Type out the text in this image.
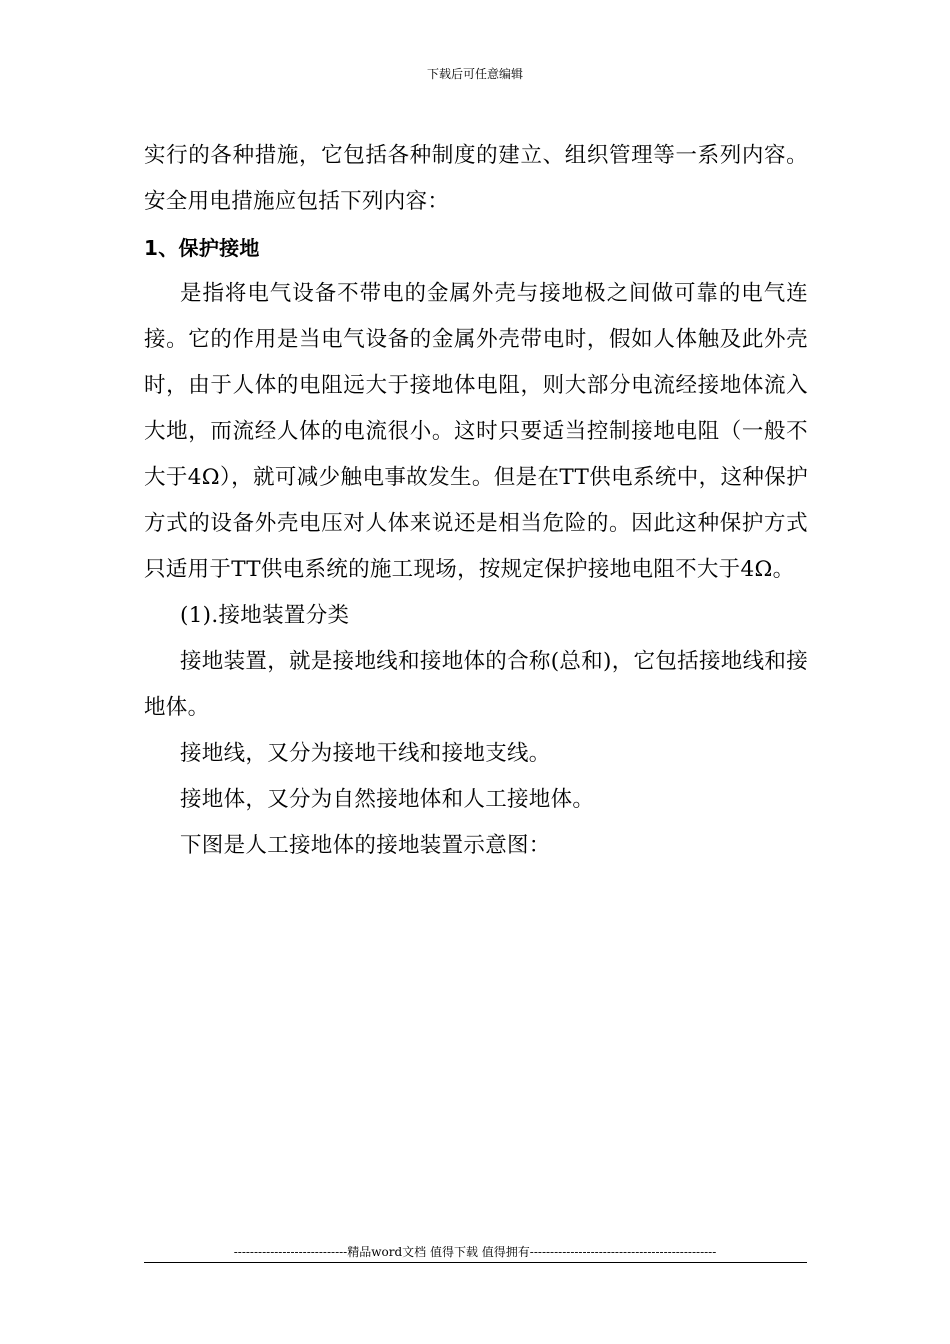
下载后可任意编辑

实行的各种措施，它包括各种制度的建立、组织管理等一系列内容。安全用电措施应包括下列内容：

1、保护接地

是指将电气设备不带电的金属外壳与接地极之间做可靠的电气连接。它的作用是当电气设备的金属外壳带电时，假如人体触及此外壳时，由于人体的电阻远大于接地体电阻，则大部分电流经接地体流入大地，而流经人体的电流很小。这时只要适当控制接地电阻（一般不大于4Ω），就可减少触电事故发生。但是在TT供电系统中，这种保护方式的设备外壳电压对人体来说还是相当危险的。因此这种保护方式只适用于TT供电系统的施工现场，按规定保护接地电阻不大于4Ω。

(1).接地装置分类

接地装置，就是接地线和接地体的合称(总和)，它包括接地线和接地体。

接地线，又分为接地干线和接地支线。

接地体，又分为自然接地体和人工接地体。

下图是人工接地体的接地装置示意图：

----------------------------精品word文档 值得下载 值得拥有----------------------------------------------
